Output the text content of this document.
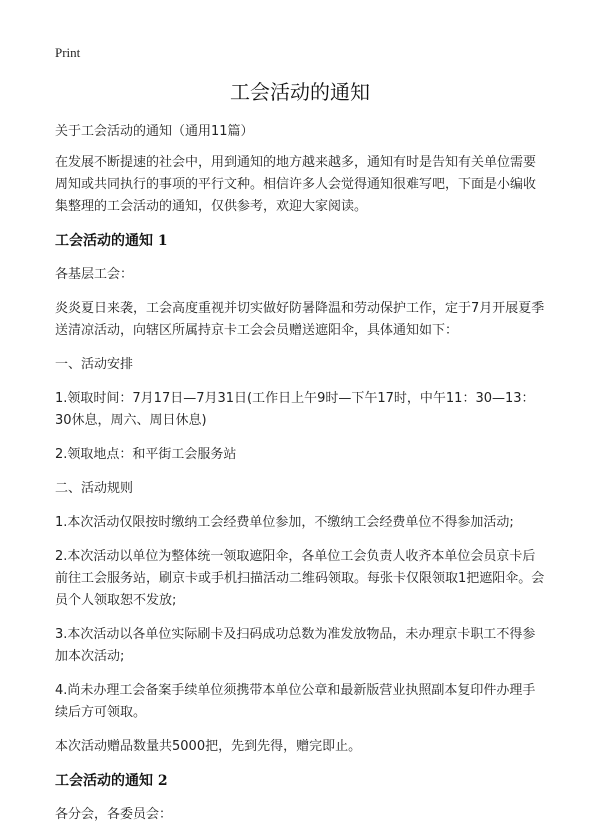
Print
工会活动的通知

关于工会活动的通知（通用11篇）

在发展不断提速的社会中，用到通知的地方越来越多，通知有时是告知有关单位需要周知或共同执行的事项的平行文种。相信许多人会觉得通知很难写吧，下面是小编收集整理的工会活动的通知，仅供参考，欢迎大家阅读。

工会活动的通知 1

各基层工会：

炎炎夏日来袭，工会高度重视并切实做好防暑降温和劳动保护工作，定于7月开展夏季送清凉活动，向辖区所属持京卡工会会员赠送遮阳伞，具体通知如下：

一、活动安排

1.领取时间：7月17日—7月31日(工作日上午9时—下午17时，中午11：30—13：30休息，周六、周日休息)

2.领取地点：和平街工会服务站

二、活动规则

1.本次活动仅限按时缴纳工会经费单位参加，不缴纳工会经费单位不得参加活动;

2.本次活动以单位为整体统一领取遮阳伞，各单位工会负责人收齐本单位会员京卡后前往工会服务站，刷京卡或手机扫描活动二维码领取。每张卡仅限领取1把遮阳伞。会员个人领取恕不发放;

3.本次活动以各单位实际刷卡及扫码成功总数为准发放物品，未办理京卡职工不得参加本次活动;

4.尚未办理工会备案手续单位须携带本单位公章和最新版营业执照副本复印件办理手续后方可领取。

本次活动赠品数量共5000把，先到先得，赠完即止。

工会活动的通知 2

各分会，各委员会：
